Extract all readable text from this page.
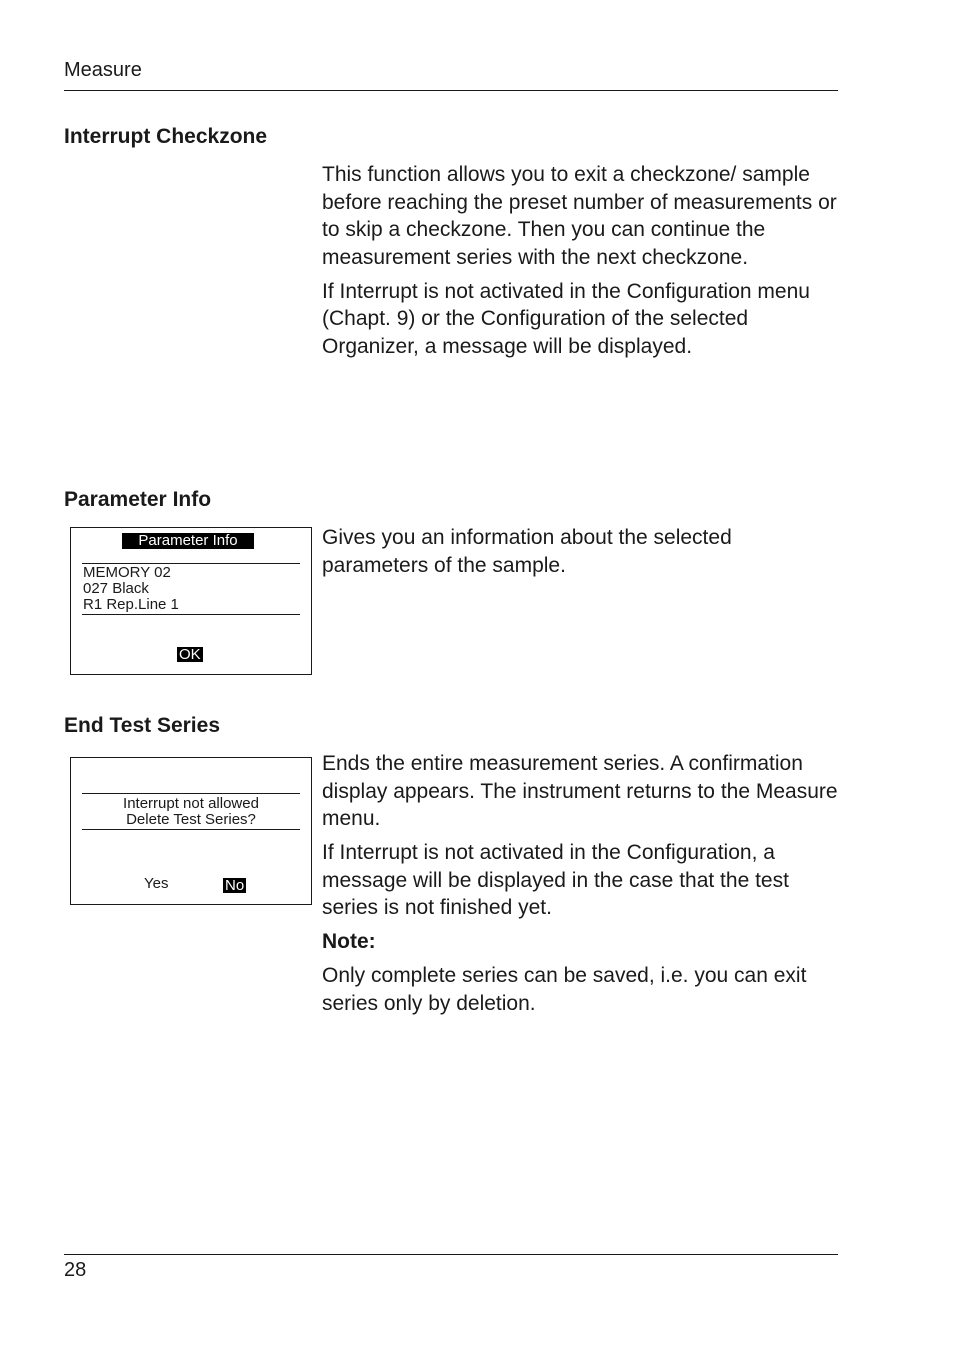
Measure
Interrupt Checkzone

This function allows you to exit a checkzone/ sample before reaching the preset number of measurements or to skip a checkzone. Then you can continue the measurement series with the next checkzone.

If Interrupt is not activated in the Configuration menu (Chapt. 9) or the Configuration of the selected Organizer, a message will be displayed.

Parameter Info
Parameter Info
MEMORY 02
027 Black
R1 Rep.Line 1
OK

Gives you an information about the selected parameters of the sample.

End Test Series
Interrupt not allowed
Delete Test Series?
Yes	No

Ends the entire measurement series. A confirmation display appears. The instrument returns to the Measure menu.

If Interrupt is not activated in the Configuration, a message will be displayed in the case that the test series is not finished yet.

Note:

Only complete series can be saved, i.e. you can exit series only by deletion.

28
